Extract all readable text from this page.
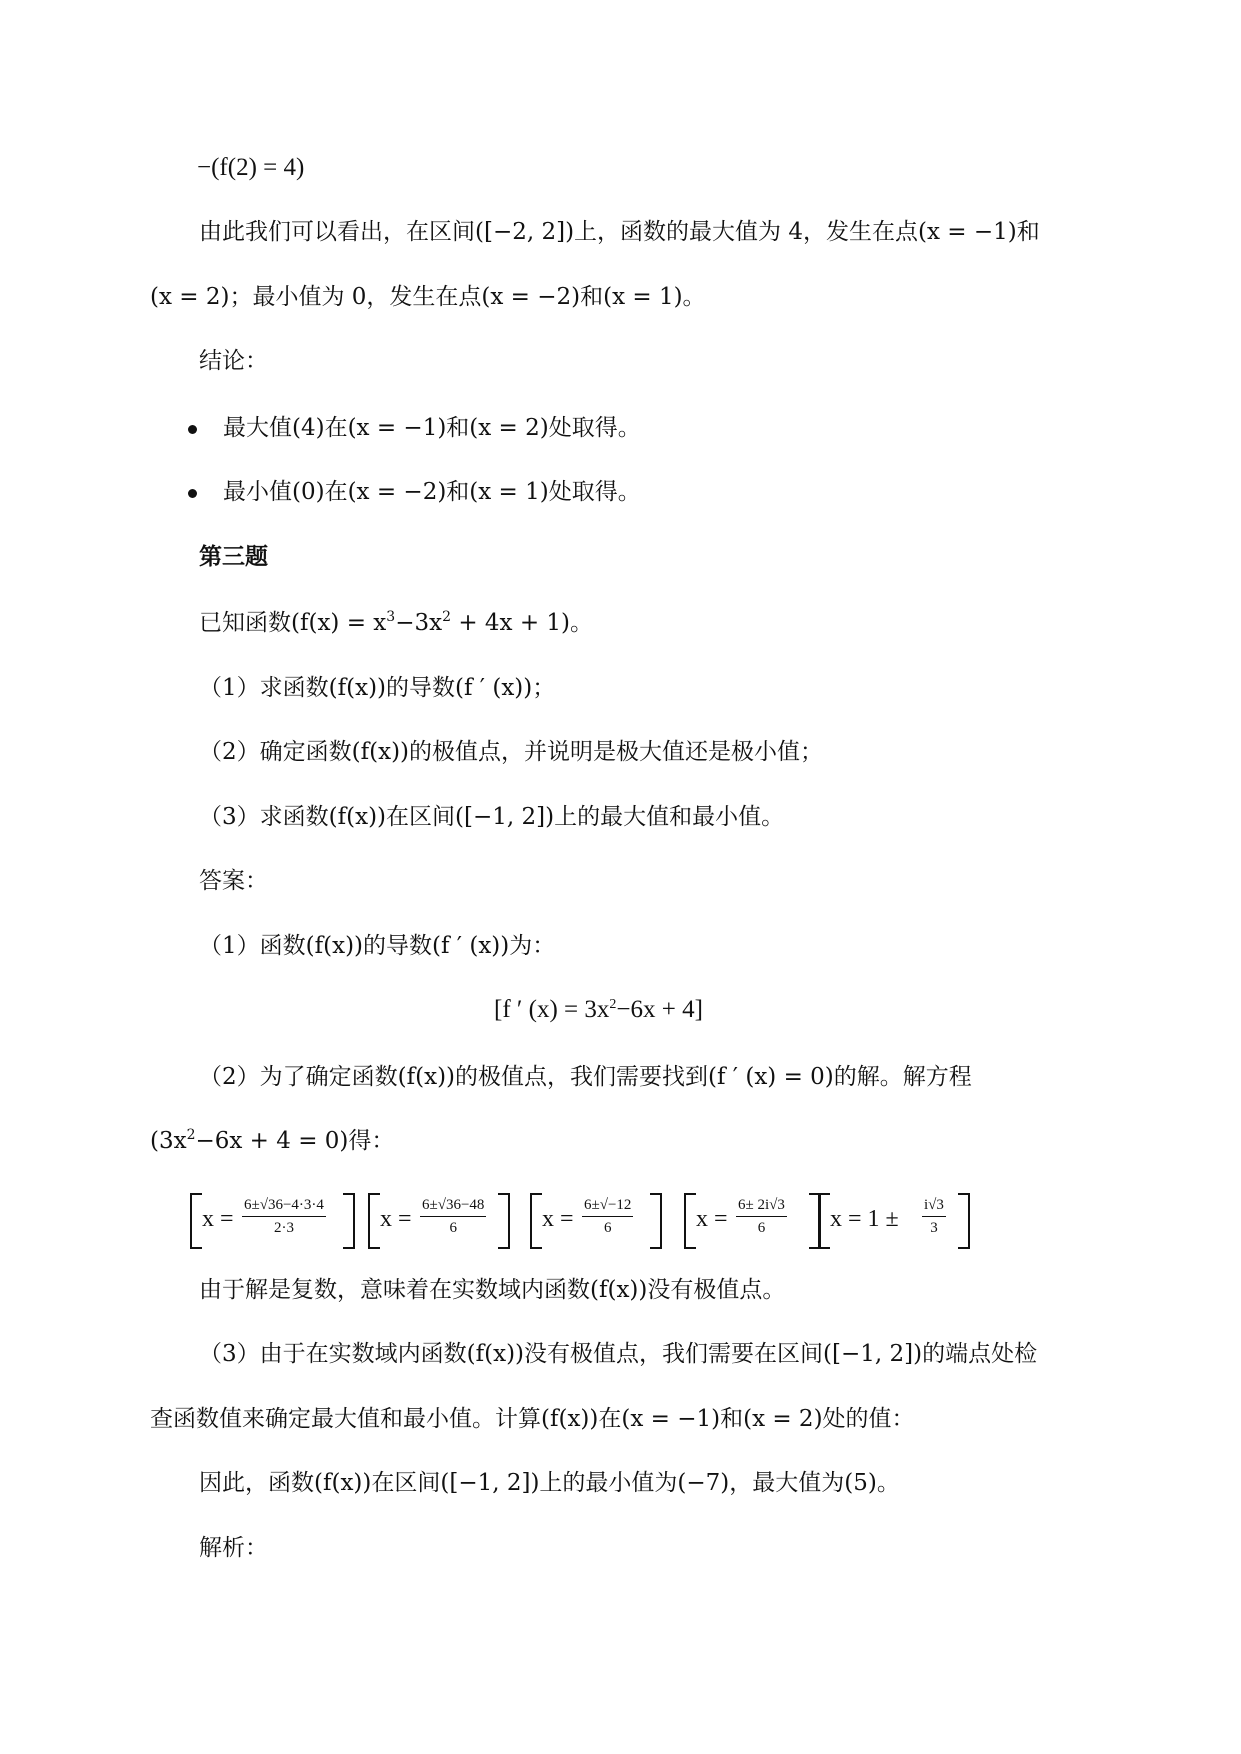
−(f(2) = 4)
由此我们可以看出，在区间([−2, 2])上，函数的最大值为 4，发生在点(x = −1)和
(x = 2)；最小值为 0，发生在点(x = −2)和(x = 1)。
结论：
最大值(4)在(x = −1)和(x = 2)处取得。
最小值(0)在(x = −2)和(x = 1)处取得。
第三题
已知函数$(f(x) = x^3-3x^2 + 4x + 1)$。
（1）求函数(f(x))的导数(f ′ (x))；
（2）确定函数(f(x))的极值点，并说明是极大值还是极小值；
（3）求函数(f(x))在区间([−1, 2])上的最大值和最小值。
答案：
（1）函数(f(x))的导数(f ′ (x))为：
[f ′ $(x) = 3x^2-6x + 4$]
（2）为了确定函数(f(x))的极值点，我们需要找到(f ′ (x) = 0)的解。解方程
$(3x^2-6x + 4 = 0)$得：
$x = \frac{6\pm√36-4\cdot 3\cdot 4}{2\cdot 3}$ $x = \frac{6\pm√36-48}{6}$ $x = \frac{6\pm√-12}{6}$	$x = \frac{6\pm 2i√3}{6}$ $x = 1 \pm \frac{i√3}{3}$
由于解是复数，意味着在实数域内函数(f(x))没有极值点。
（3）由于在实数域内函数(f(x))没有极值点，我们需要在区间([−1, 2])的端点处检
查函数值来确定最大值和最小值。计算(f(x))在(x = −1)和(x = 2)处的值：
因此，函数(f(x))在区间([−1, 2])上的最小值为(−7)，最大值为(5)。
解析：
